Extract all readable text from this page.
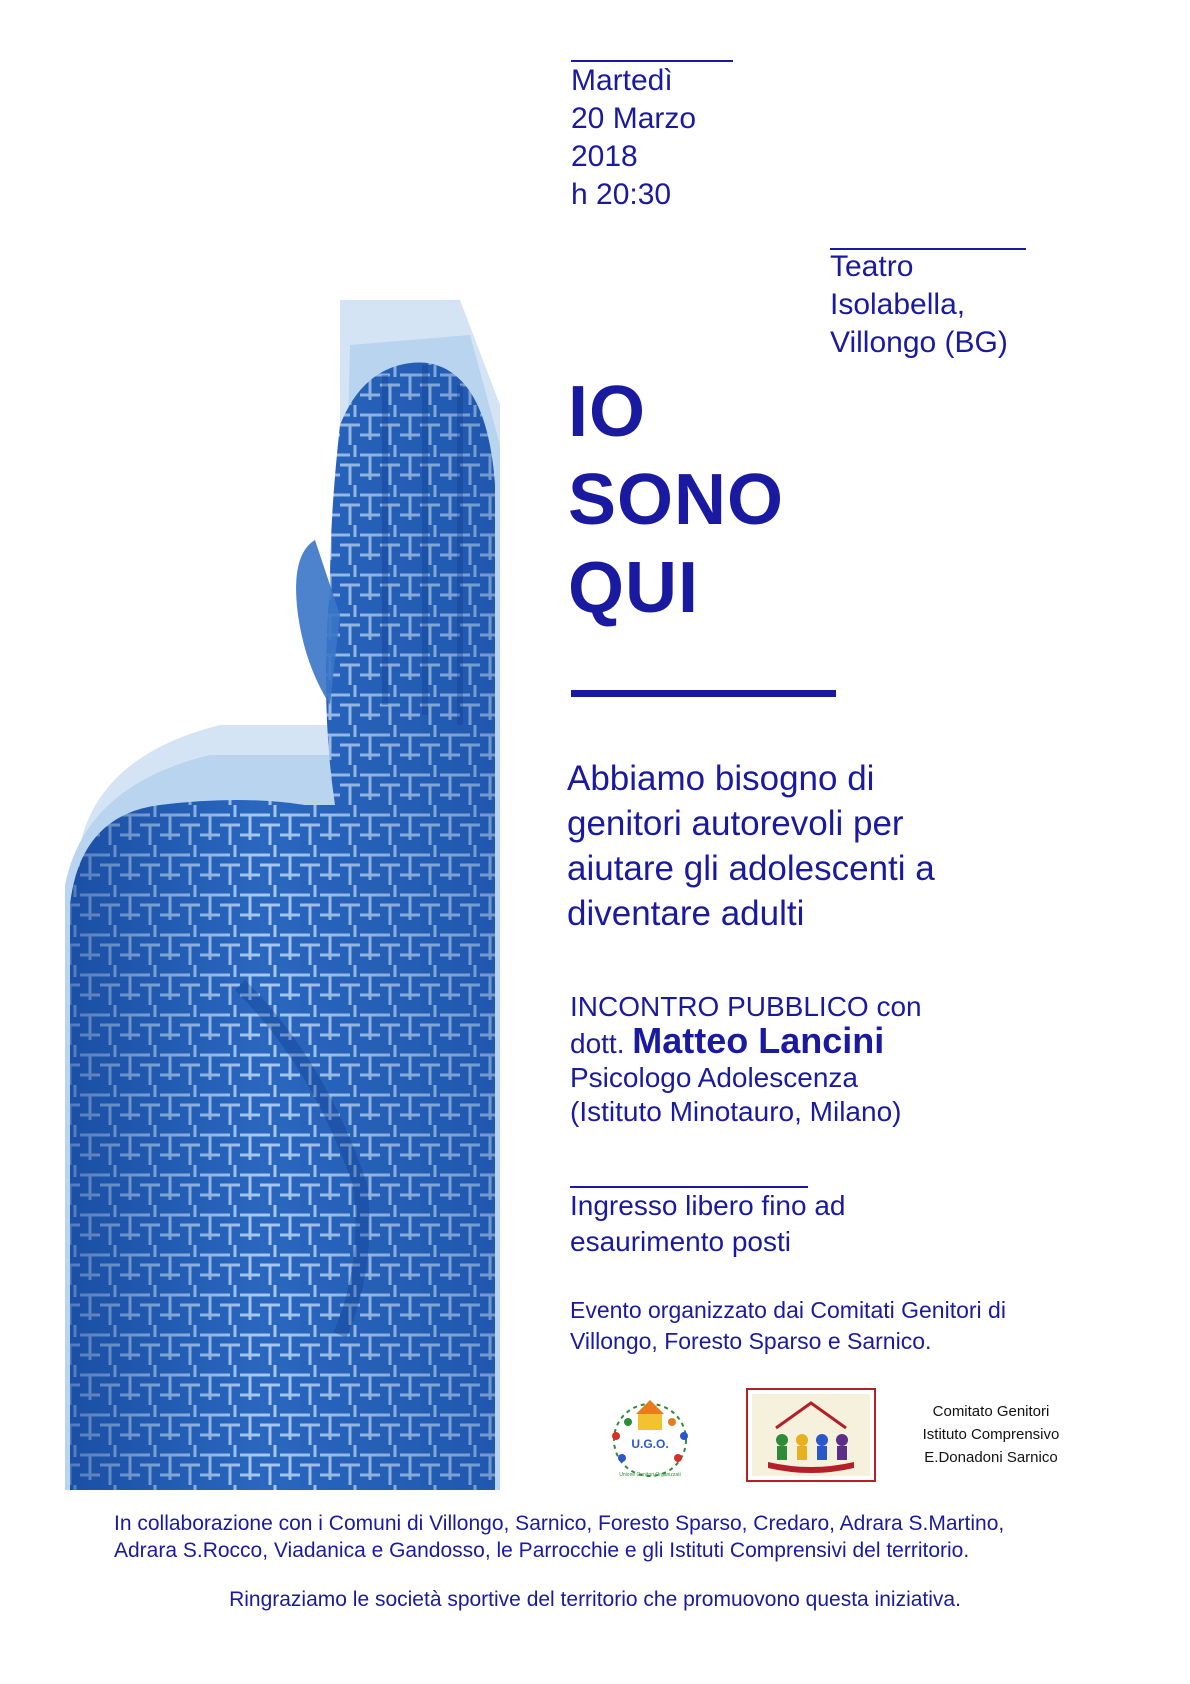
Martedì
20 Marzo
2018
h 20:30
Teatro
Isolabella,
Villongo (BG)
IO
SONO
QUI
Abbiamo bisogno di
genitori autorevoli per
aiutare gli adolescenti a
diventare adulti
INCONTRO PUBBLICO con
dott. Matteo Lancini
Psicologo Adolescenza
(Istituto Minotauro, Milano)
Ingresso libero fino ad
esaurimento posti
Evento organizzato dai Comitati Genitori di
Villongo, Foresto Sparso e Sarnico.
U.G.O.
Unione Genitori Organizzati
Comitato Genitori
Istituto Comprensivo
E.Donadoni Sarnico
In collaborazione con i Comuni di Villongo, Sarnico, Foresto Sparso, Credaro, Adrara S.Martino,
Adrara S.Rocco, Viadanica e Gandosso, le Parrocchie e gli Istituti Comprensivi del territorio.
Ringraziamo le società sportive del territorio che promuovono questa iniziativa.
